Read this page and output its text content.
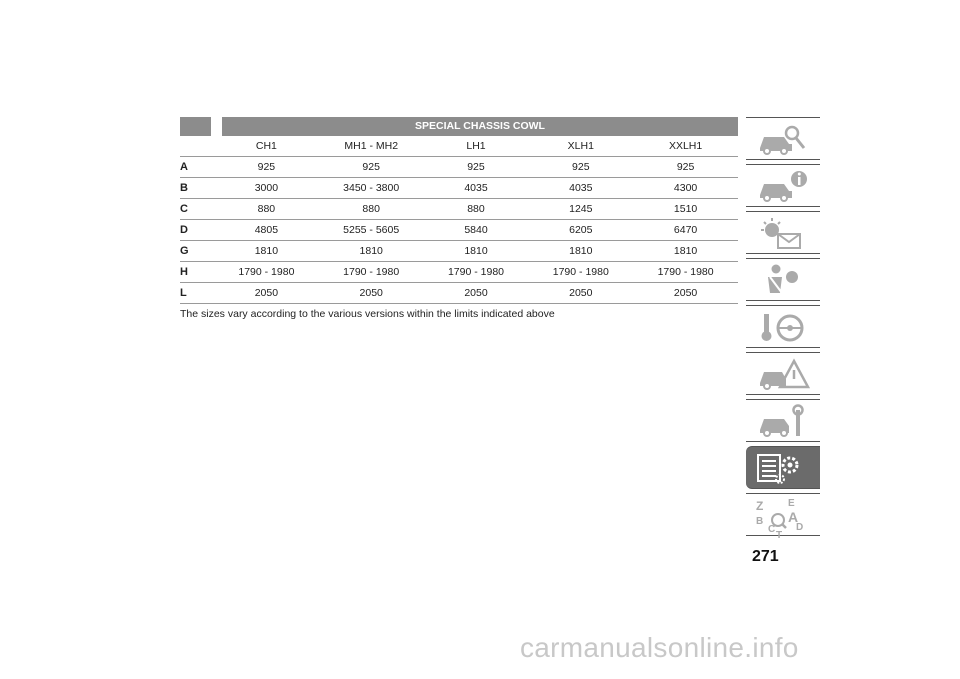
SPECIAL CHASSIS COWL
	CH1	MH1 - MH2	LH1	XLH1	XXLH1
A	925	925	925	925	925
B	3000	3450 - 3800	4035	4035	4300
C	880	880	880	1245	1510
D	4805	5255 - 5605	5840	6205	6470
G	1810	1810	1810	1810	1810
H	1790 - 1980	1790 - 1980	1790 - 1980	1790 - 1980	1790 - 1980
L	2050	2050	2050	2050	2050
The sizes vary according to the various versions within the limits indicated above
Z E
B A
C D
T
271
carmanualsonline.info
